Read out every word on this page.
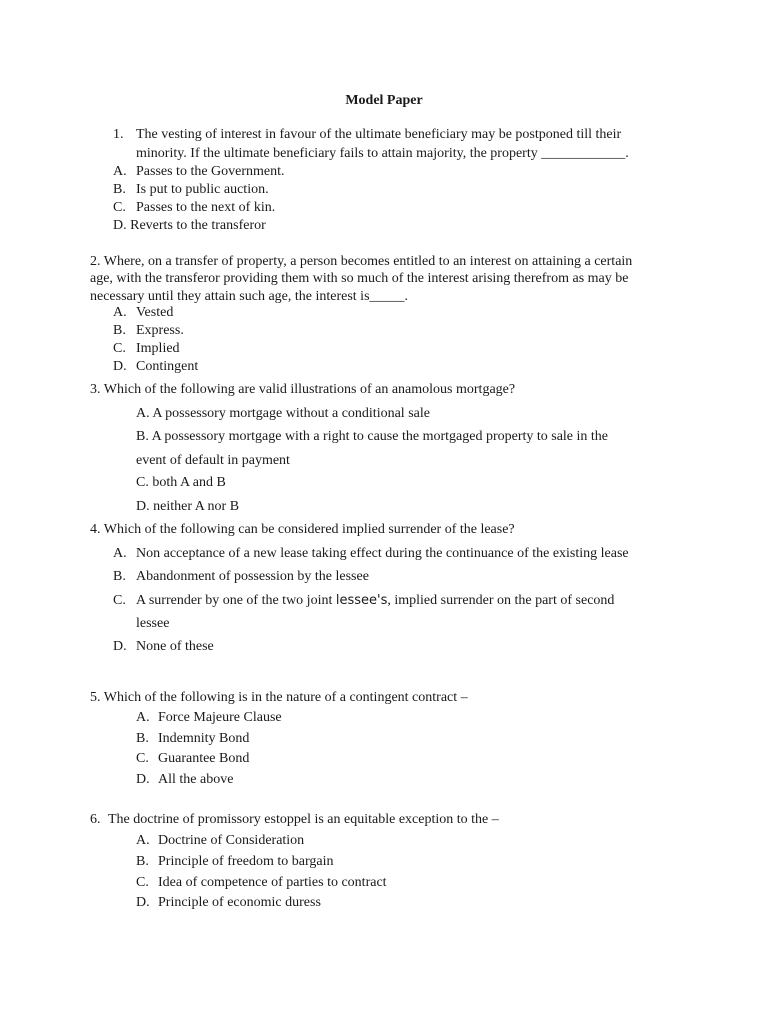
Model Paper
1. The vesting of interest in favour of the ultimate beneficiary may be postponed till their
minority. If the ultimate beneficiary fails to attain majority, the property ____________.
A. Passes to the Government.
B. Is put to public auction.
C. Passes to the next of kin.
D. Reverts to the transferor
2. Where, on a transfer of property, a person becomes entitled to an interest on attaining a certain
age, with the transferor providing them with so much of the interest arising therefrom as may be
necessary until they attain such age, the interest is_____.
A. Vested
B. Express.
C. Implied
D. Contingent
3. Which of the following are valid illustrations of an anamolous mortgage?
A. A possessory mortgage without a conditional sale
B. A possessory mortgage with a right to cause the mortgaged property to sale in the
event of default in payment
C. both A and B
D. neither A nor B
4. Which of the following can be considered implied surrender of the lease?
A. Non acceptance of a new lease taking effect during the continuance of the existing lease
B. Abandonment of possession by the lessee
C. A surrender by one of the two joint lessee's, implied surrender on the part of second
lessee
D. None of these
5. Which of the following is in the nature of a contingent contract –
A. Force Majeure Clause
B. Indemnity Bond
C. Guarantee Bond
D. All the above
6. The doctrine of promissory estoppel is an equitable exception to the –
A. Doctrine of Consideration
B. Principle of freedom to bargain
C. Idea of competence of parties to contract
D. Principle of economic duress
